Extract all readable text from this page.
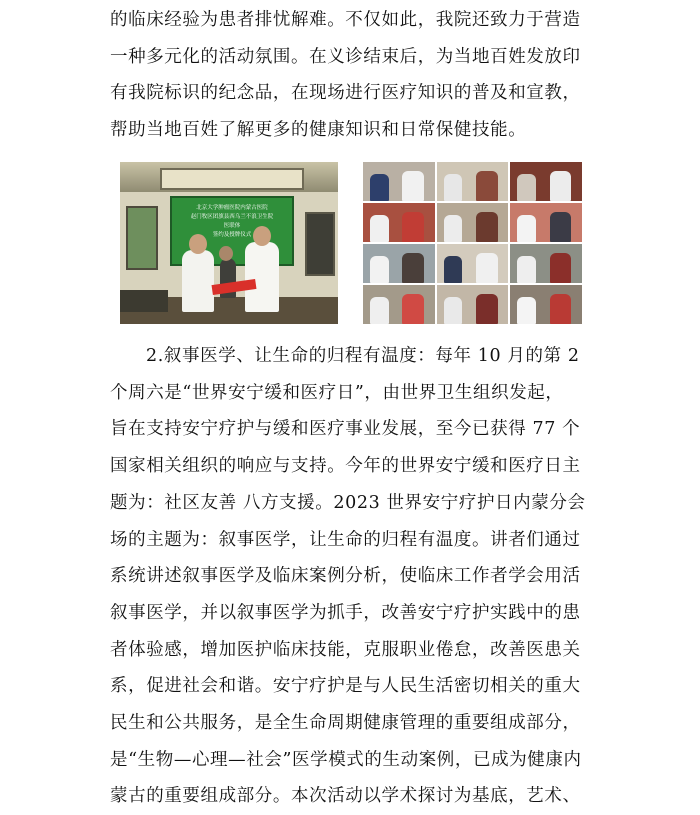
的临床经验为患者排忧解难。不仅如此，我院还致力于营造
一种多元化的活动氛围。在义诊结束后，为当地百姓发放印
有我院标识的纪念品，在现场进行医疗知识的普及和宣教，
帮助当地百姓了解更多的健康知识和日常保健技能。

北京大学肿瘤医院内蒙古医院
赵门牧区团旗县西乌兰不浪卫生院
医联体
签约及授牌仪式

2.叙事医学、让生命的归程有温度：每年 10 月的第 2
个周六是“世界安宁缓和医疗日”，由世界卫生组织发起，
旨在支持安宁疗护与缓和医疗事业发展，至今已获得 77 个
国家相关组织的响应与支持。今年的世界安宁缓和医疗日主
题为：社区友善 八方支援。2023 世界安宁疗护日内蒙分会
场的主题为：叙事医学，让生命的归程有温度。讲者们通过
系统讲述叙事医学及临床案例分析，使临床工作者学会用活
叙事医学，并以叙事医学为抓手，改善安宁疗护实践中的患
者体验感，增加医护临床技能，克服职业倦怠，改善医患关
系，促进社会和谐。安宁疗护是与人民生活密切相关的重大
民生和公共服务，是全生命周期健康管理的重要组成部分，
是“生物—心理—社会”医学模式的生动案例，已成为健康内
蒙古的重要组成部分。本次活动以学术探讨为基底，艺术、
